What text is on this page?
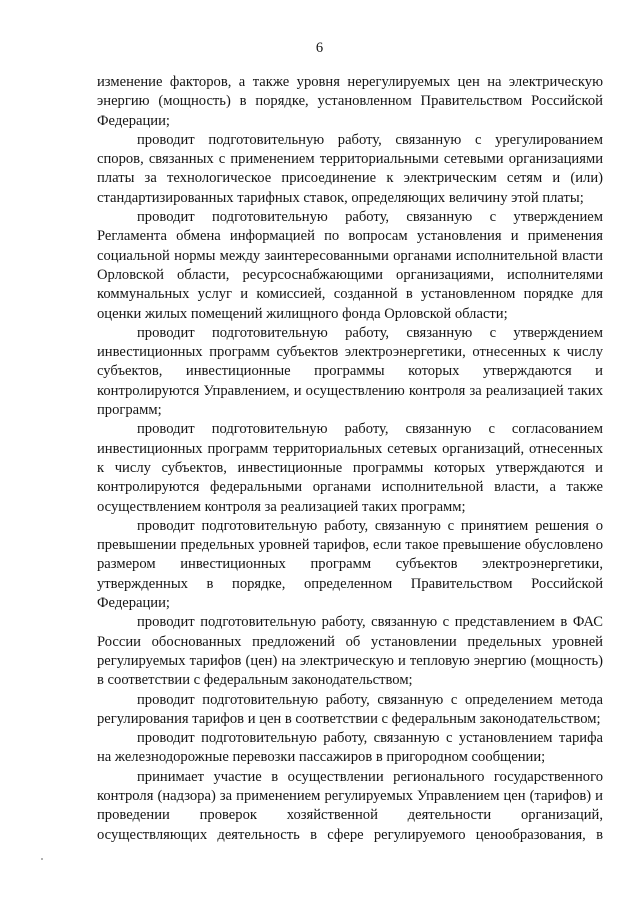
6

изменение факторов, а также уровня нерегулируемых цен на электрическую энергию (мощность) в порядке, установленном Правительством Российской Федерации;

проводит подготовительную работу, связанную с урегулированием споров, связанных с применением территориальными сетевыми организациями платы за технологическое присоединение к электрическим сетям и (или) стандартизированных тарифных ставок, определяющих величину этой платы;

проводит подготовительную работу, связанную с утверждением Регламента обмена информацией по вопросам установления и применения социальной нормы между заинтересованными органами исполнительной власти Орловской области, ресурсоснабжающими организациями, исполнителями коммунальных услуг и комиссией, созданной в установленном порядке для оценки жилых помещений жилищного фонда Орловской области;

проводит подготовительную работу, связанную с утверждением инвестиционных программ субъектов электроэнергетики, отнесенных к числу субъектов, инвестиционные программы которых утверждаются и контролируются Управлением, и осуществлению контроля за реализацией таких программ;

проводит подготовительную работу, связанную с согласованием инвестиционных программ территориальных сетевых организаций, отнесенных к числу субъектов, инвестиционные программы которых утверждаются и контролируются федеральными органами исполнительной власти, а также осуществлением контроля за реализацией таких программ;

проводит подготовительную работу, связанную с принятием решения о превышении предельных уровней тарифов, если такое превышение обусловлено размером инвестиционных программ субъектов электроэнергетики, утвержденных в порядке, определенном Правительством Российской Федерации;

проводит подготовительную работу, связанную с представлением в ФАС России обоснованных предложений об установлении предельных уровней регулируемых тарифов (цен) на электрическую и тепловую энергию (мощность) в соответствии с федеральным законодательством;

проводит подготовительную работу, связанную с определением метода регулирования тарифов и цен в соответствии с федеральным законодательством;

проводит подготовительную работу, связанную с установлением тарифа на железнодорожные перевозки пассажиров в пригородном сообщении;

принимает участие в осуществлении регионального государственного контроля (надзора) за применением регулируемых Управлением цен (тарифов) и проведении проверок хозяйственной деятельности организаций, осуществляющих деятельность в сфере регулируемого ценообразования, в
